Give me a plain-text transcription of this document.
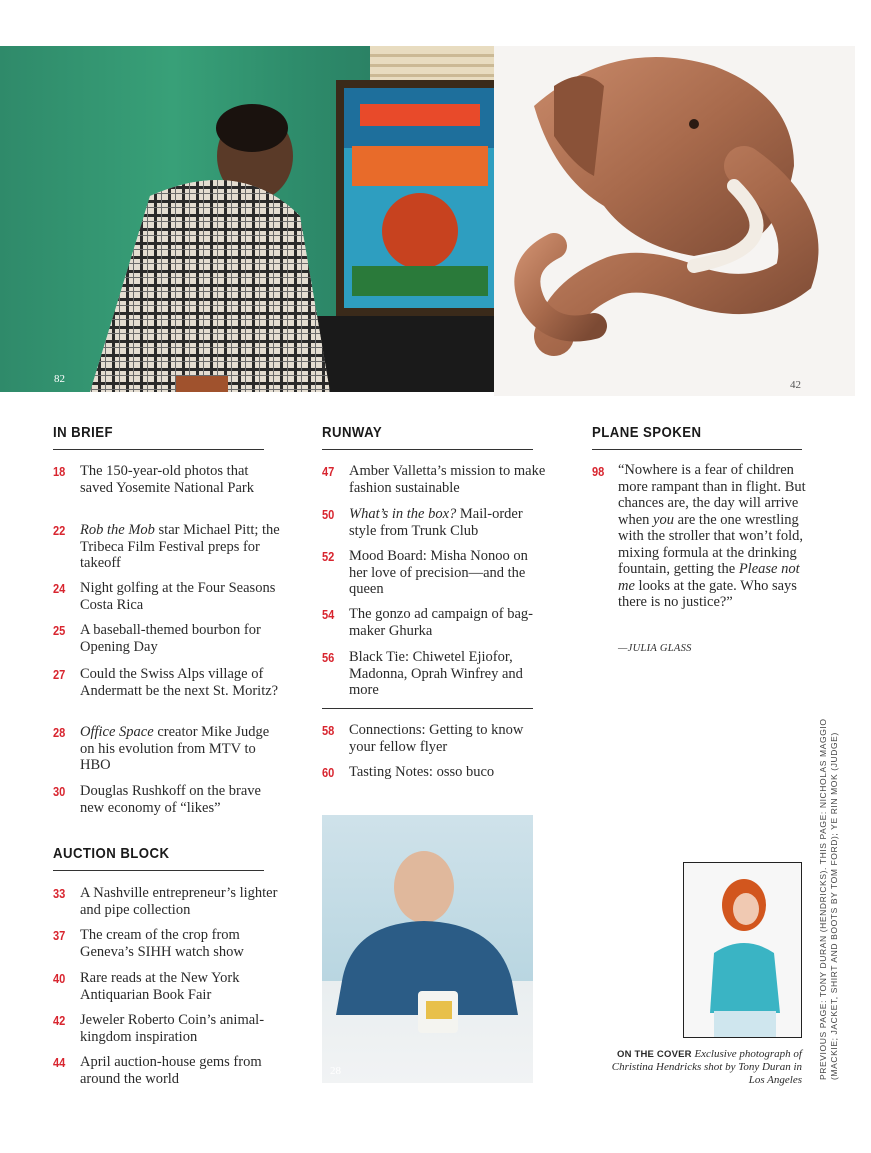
82	42
28
IN BRIEF
18 The 150-year-old photos that saved Yosemite National Park
22 Rob the Mob star Michael Pitt; the Tribeca Film Festival preps for takeoff
24 Night golfing at the Four Seasons Costa Rica
25 A baseball-themed bourbon for Opening Day
27 Could the Swiss Alps village of Andermatt be the next St. Moritz?
28 Office Space creator Mike Judge on his evolution from MTV to HBO
30 Douglas Rushkoff on the brave new economy of “likes”
AUCTION BLOCK
33 A Nashville entrepreneur’s lighter and pipe collection
37 The cream of the crop from Geneva’s SIHH watch show
40 Rare reads at the New York Antiquarian Book Fair
42 Jeweler Roberto Coin’s animal-kingdom inspiration
44 April auction-house gems from around the world
RUNWAY
47 Amber Valletta’s mission to make fashion sustainable
50 What’s in the box? Mail-order style from Trunk Club
52 Mood Board: Misha Nonoo on her love of precision—and the queen
54 The gonzo ad campaign of bag-maker Ghurka
56 Black Tie: Chiwetel Ejiofor, Madonna, Oprah Winfrey and more
58 Connections: Getting to know your fellow flyer
60 Tasting Notes: osso buco
PLANE SPOKEN
98 “Nowhere is a fear of children more rampant than in flight. But chances are, the day will arrive when you are the one wrestling with the stroller that won’t fold, mixing formula at the drinking fountain, getting the Please not me looks at the gate. Who says there is no justice?”
—JULIA GLASS
ON THE COVER Exclusive photograph of Christina Hendricks shot by Tony Duran in Los Angeles PREVIOUS PAGE: TONY DURAN (HENDRICKS). THIS PAGE: NICHOLAS MAGGIO (MACKIE; JACKET, SHIRT AND BOOTS BY TOM FORD); YE RIN MOK (JUDGE)
